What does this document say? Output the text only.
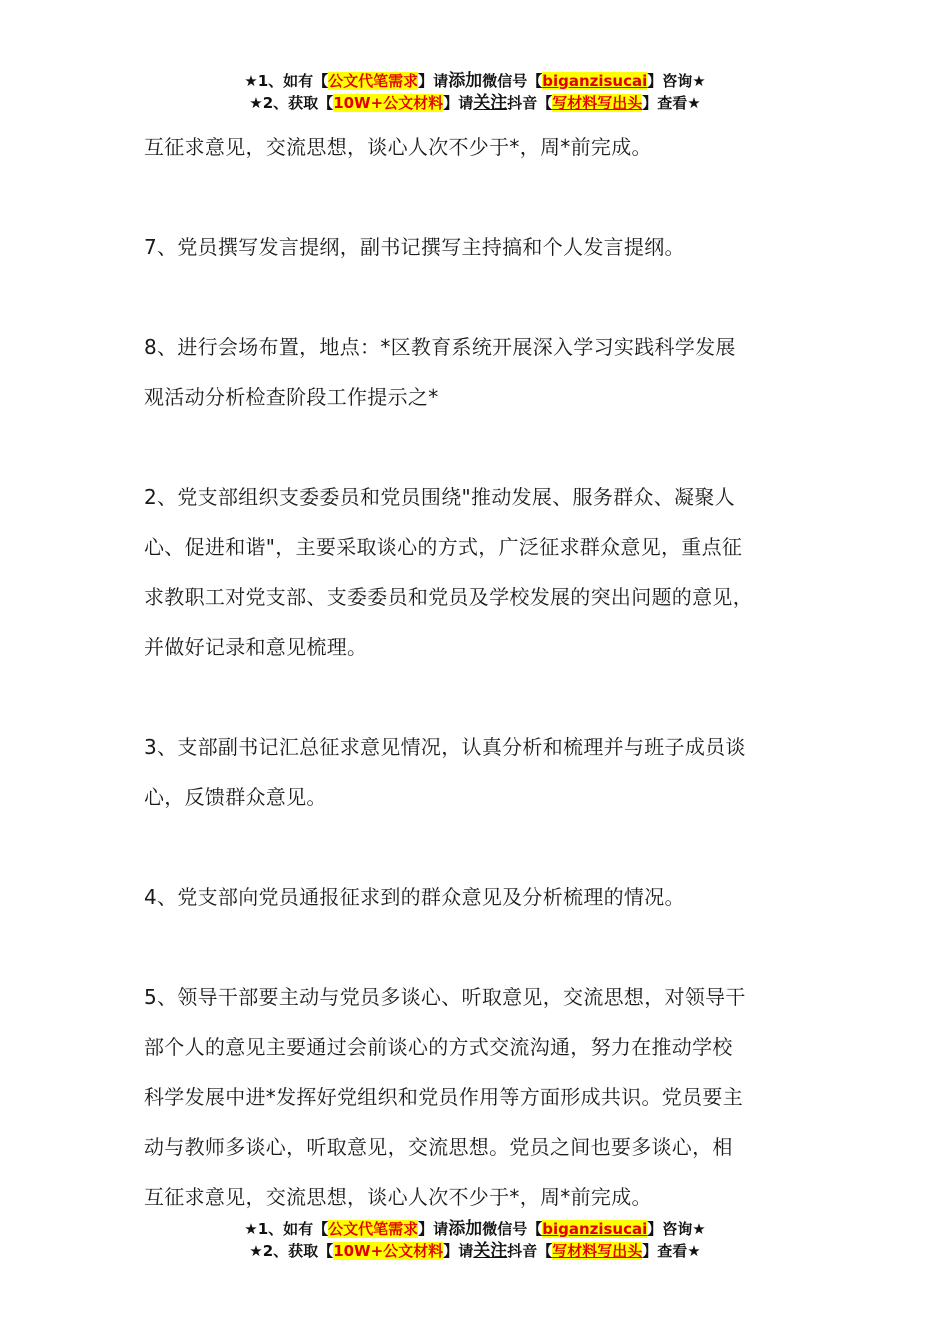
★1、如有【公文代笔需求】请添加微信号【biganzisucai】咨询★
★2、获取【10W+公文材料】请关注抖音【写材料写出头】查看★
互征求意见，交流思想，谈心人次不少于*，周*前完成。
7、党员撰写发言提纲，副书记撰写主持搞和个人发言提纲。
8、进行会场布置，地点：*区教育系统开展深入学习实践科学发展
观活动分析检查阶段工作提示之*
2、党支部组织支委委员和党员围绕"推动发展、服务群众、凝聚人
心、促进和谐"，主要采取谈心的方式，广泛征求群众意见，重点征
求教职工对党支部、支委委员和党员及学校发展的突出问题的意见，
并做好记录和意见梳理。
3、支部副书记汇总征求意见情况，认真分析和梳理并与班子成员谈
心，反馈群众意见。
4、党支部向党员通报征求到的群众意见及分析梳理的情况。
5、领导干部要主动与党员多谈心、听取意见，交流思想，对领导干
部个人的意见主要通过会前谈心的方式交流沟通，努力在推动学校
科学发展中进*发挥好党组织和党员作用等方面形成共识。党员要主
动与教师多谈心，听取意见，交流思想。党员之间也要多谈心，相
互征求意见，交流思想，谈心人次不少于*，周*前完成。
★1、如有【公文代笔需求】请添加微信号【biganzisucai】咨询★
★2、获取【10W+公文材料】请关注抖音【写材料写出头】查看★
